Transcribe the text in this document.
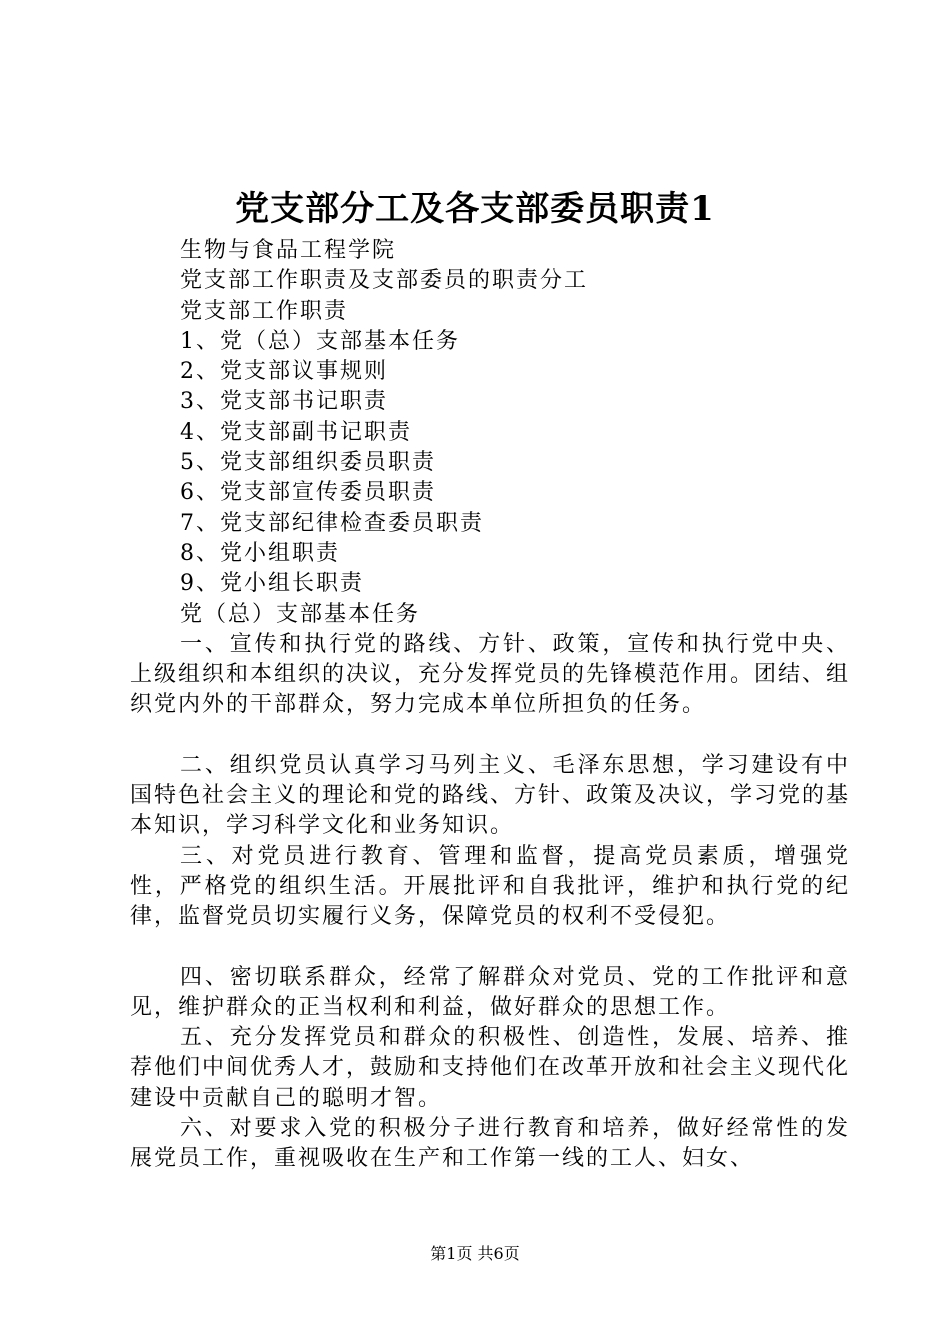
党支部分工及各支部委员职责1
生物与食品工程学院
党支部工作职责及支部委员的职责分工
党支部工作职责
1、党（总）支部基本任务
2、党支部议事规则
3、党支部书记职责
4、党支部副书记职责
5、党支部组织委员职责
6、党支部宣传委员职责
7、党支部纪律检查委员职责
8、党小组职责
9、党小组长职责
党（总）支部基本任务
一、宣传和执行党的路线、方针、政策，宣传和执行党中央、上级组织和本组织的决议，充分发挥党员的先锋模范作用。团结、组织党内外的干部群众，努力完成本单位所担负的任务。
二、组织党员认真学习马列主义、毛泽东思想，学习建设有中国特色社会主义的理论和党的路线、方针、政策及决议，学习党的基本知识，学习科学文化和业务知识。
三、对党员进行教育、管理和监督，提高党员素质，增强党性，严格党的组织生活。开展批评和自我批评，维护和执行党的纪律，监督党员切实履行义务，保障党员的权利不受侵犯。
四、密切联系群众，经常了解群众对党员、党的工作批评和意见，维护群众的正当权利和利益，做好群众的思想工作。
五、充分发挥党员和群众的积极性、创造性，发展、培养、推荐他们中间优秀人才，鼓励和支持他们在改革开放和社会主义现代化建设中贡献自己的聪明才智。
六、对要求入党的积极分子进行教育和培养，做好经常性的发展党员工作，重视吸收在生产和工作第一线的工人、妇女、
第1页 共6页
